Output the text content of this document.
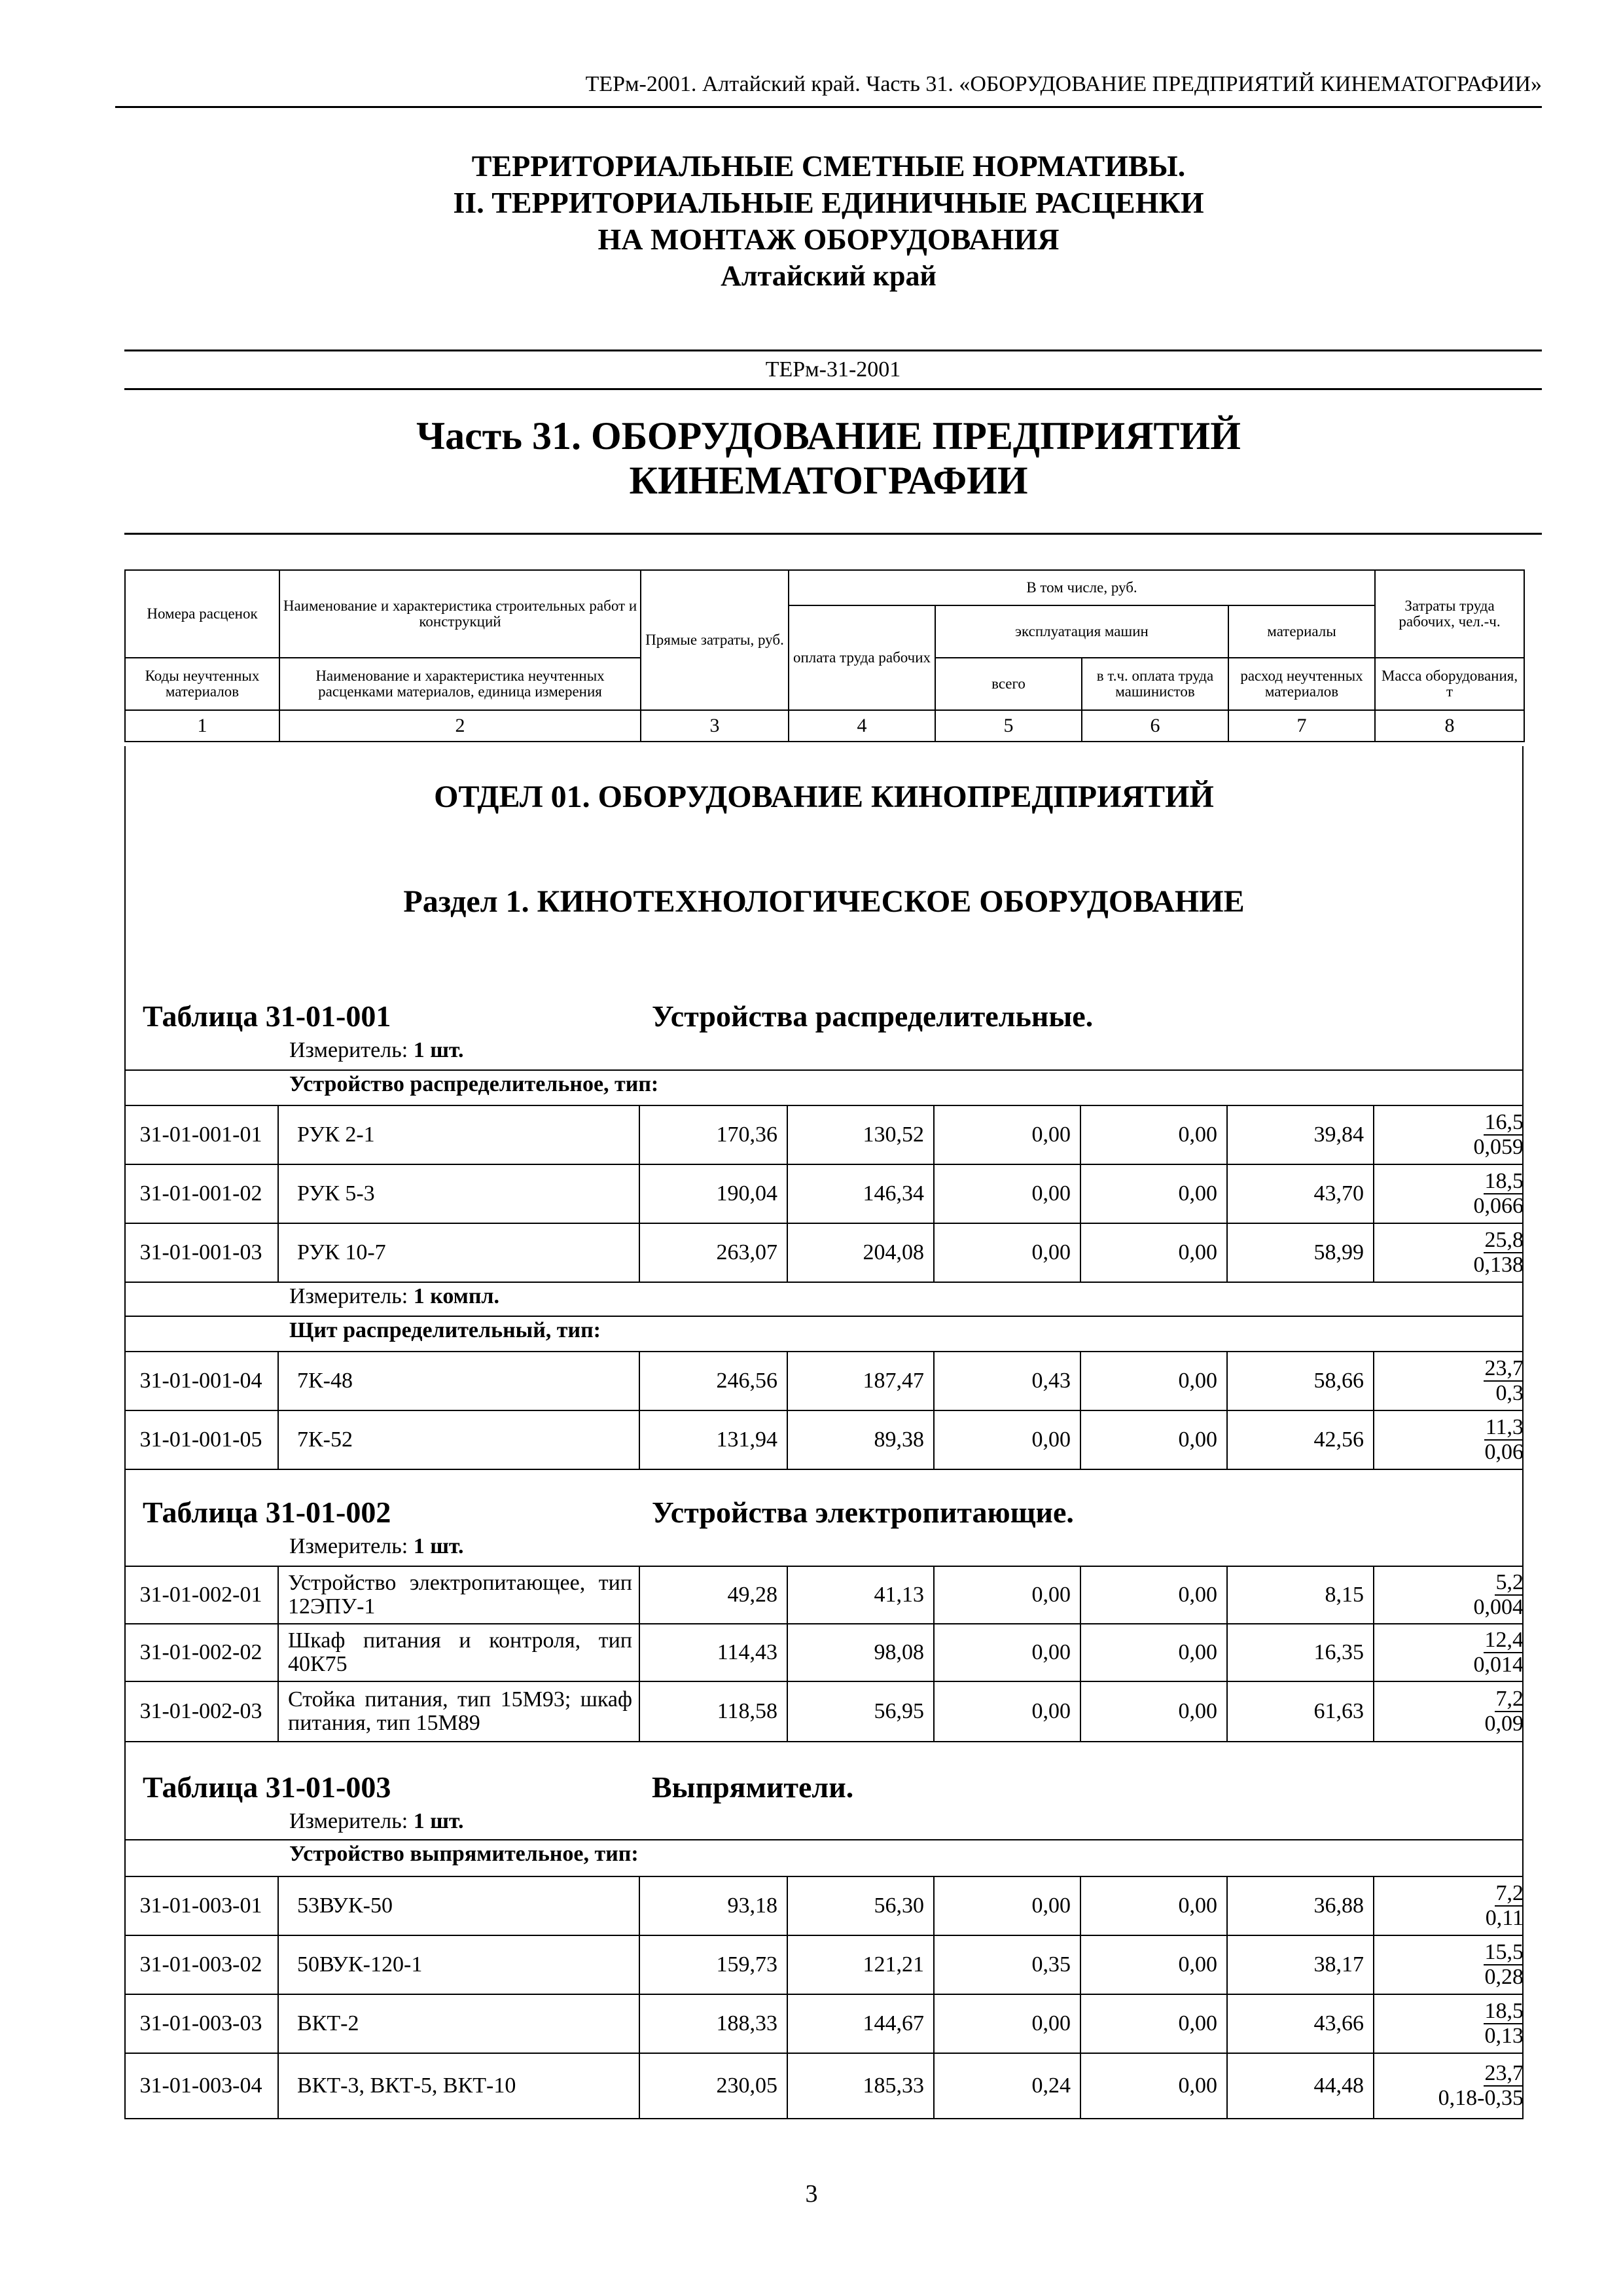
ТЕРм-2001. Алтайский край. Часть 31. «ОБОРУДОВАНИЕ ПРЕДПРИЯТИЙ КИНЕМАТОГРАФИИ»
ТЕРРИТОРИАЛЬНЫЕ СМЕТНЫЕ НОРМАТИВЫ.
II. ТЕРРИТОРИАЛЬНЫЕ ЕДИНИЧНЫЕ РАСЦЕНКИ
НА МОНТАЖ ОБОРУДОВАНИЯ
Алтайский край
ТЕРм-31-2001
Часть 31. ОБОРУДОВАНИЕ ПРЕДПРИЯТИЙ
КИНЕМАТОГРАФИИ
Номера расценок	Наименование и характеристика строительных работ и конструкций	Прямые затраты, руб.	В том числе, руб.				Затраты труда рабочих, чел.-ч.
			оплата труда рабочих	эксплуатация машин		материалы	

Коды неучтенных материалов	Наименование и характеристика неучтенных расценками материалов, единица измерения			всего	в т.ч. оплата труда машинистов	расход неучтенных материалов	Масса оборудования, т
1	2	3	4	5	6	7	8
ОТДЕЛ 01. ОБОРУДОВАНИЕ КИНОПРЕДПРИЯТИЙ
Раздел 1. КИНОТЕХНОЛОГИЧЕСКОЕ ОБОРУДОВАНИЕ
Таблица 31-01-001	Устройства распределительные.
Измеритель: 1 шт.
Устройство распределительное, тип:
31-01-001-01	РУК 2-1	170,36	130,52	0,00	0,00	39,84
16,5
0,059
31-01-001-02	РУК 5-3	190,04	146,34	0,00	0,00	43,70
18,5
0,066
31-01-001-03	РУК 10-7	263,07	204,08	0,00	0,00	58,99
25,8
0,138
Измеритель: 1 компл.
Щит распределительный, тип:
31-01-001-04	7К-48	246,56	187,47	0,43	0,00	58,66
23,7
0,3
31-01-001-05	7К-52	131,94	89,38	0,00	0,00	42,56
11,3
0,06
Таблица 31-01-002	Устройства электропитающие.
Измеритель: 1 шт.
31-01-002-01	Устройство электропитающее, тип 12ЭПУ-1	49,28	41,13	0,00	0,00	8,15
5,2
0,004
31-01-002-02	Шкаф питания и контроля, тип 40К75	114,43	98,08	0,00	0,00	16,35
12,4
0,014
31-01-002-03	Стойка питания, тип 15М93; шкаф питания, тип 15М89	118,58	56,95	0,00	0,00	61,63
7,2
0,09
Таблица 31-01-003	Выпрямители.
Измеритель: 1 шт.
Устройство выпрямительное, тип:
31-01-003-01	53ВУК-50	93,18	56,30	0,00	0,00	36,88
7,2
0,11
31-01-003-02	50ВУК-120-1	159,73	121,21	0,35	0,00	38,17
15,5
0,28
31-01-003-03	ВКТ-2	188,33	144,67	0,00	0,00	43,66
18,5
0,13
31-01-003-04	ВКТ-3, ВКТ-5, ВКТ-10	230,05	185,33	0,24	0,00	44,48
23,7
0,18-0,35
3
